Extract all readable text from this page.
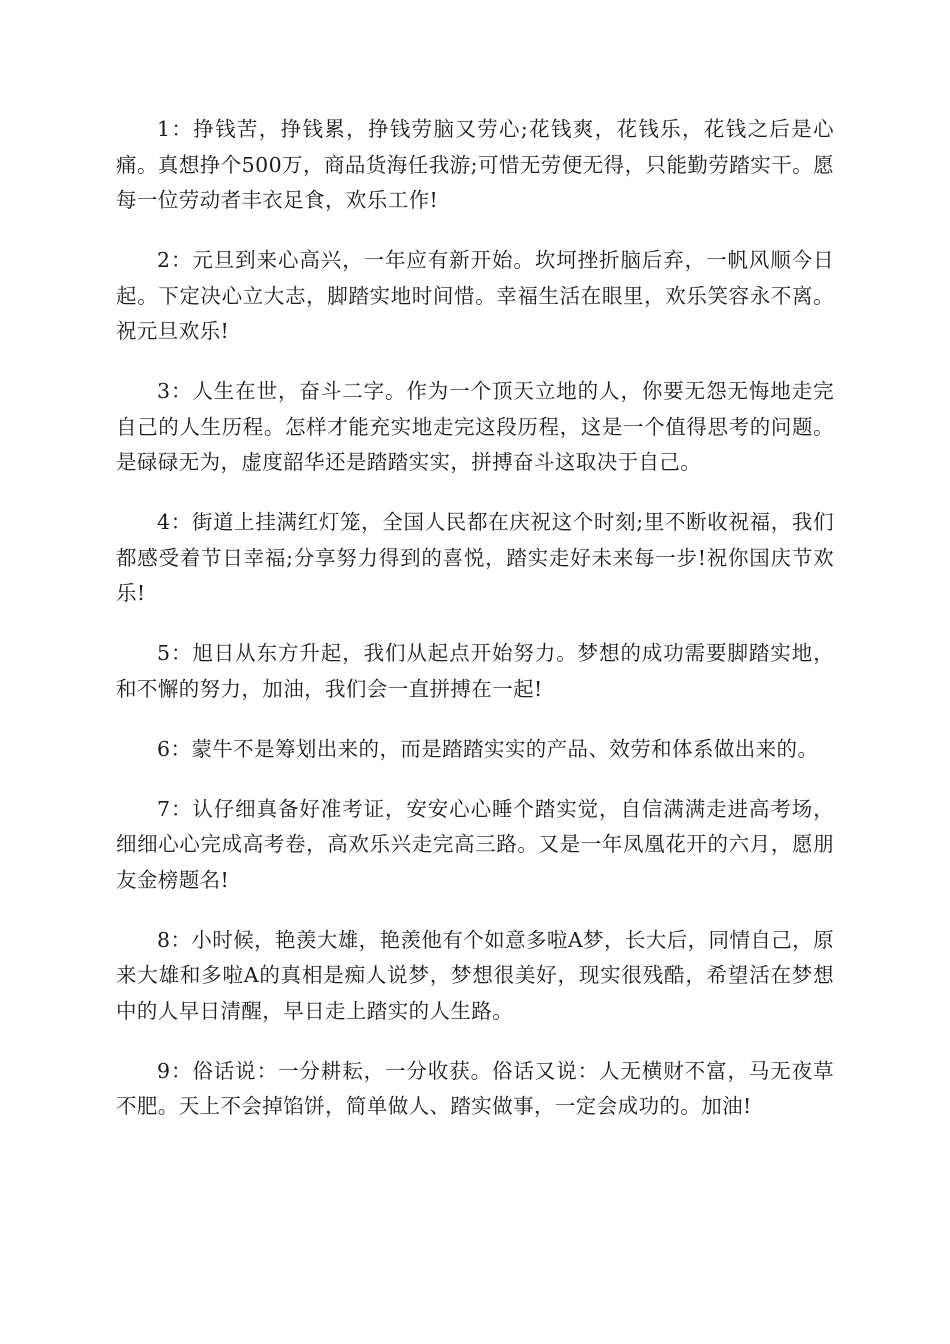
1：挣钱苦，挣钱累，挣钱劳脑又劳心;花钱爽，花钱乐，花钱之后是心痛。真想挣个500万，商品货海任我游;可惜无劳便无得，只能勤劳踏实干。愿每一位劳动者丰衣足食，欢乐工作!

2：元旦到来心高兴，一年应有新开始。坎坷挫折脑后弃，一帆风顺今日起。下定决心立大志，脚踏实地时间惜。幸福生活在眼里，欢乐笑容永不离。祝元旦欢乐!

3：人生在世，奋斗二字。作为一个顶天立地的人，你要无怨无悔地走完自己的人生历程。怎样才能充实地走完这段历程，这是一个值得思考的问题。是碌碌无为，虚度韶华还是踏踏实实，拼搏奋斗这取决于自己。

4：街道上挂满红灯笼，全国人民都在庆祝这个时刻;里不断收祝福，我们都感受着节日幸福;分享努力得到的喜悦，踏实走好未来每一步!祝你国庆节欢乐!

5：旭日从东方升起，我们从起点开始努力。梦想的成功需要脚踏实地，和不懈的努力，加油，我们会一直拼搏在一起!

6：蒙牛不是筹划出来的，而是踏踏实实的产品、效劳和体系做出来的。

7：认仔细真备好准考证，安安心心睡个踏实觉，自信满满走进高考场，细细心心完成高考卷，高欢乐兴走完高三路。又是一年凤凰花开的六月，愿朋友金榜题名!

8：小时候，艳羡大雄，艳羡他有个如意多啦A梦，长大后，同情自己，原来大雄和多啦A的真相是痴人说梦，梦想很美好，现实很残酷，希望活在梦想中的人早日清醒，早日走上踏实的人生路。

9：俗话说：一分耕耘，一分收获。俗话又说：人无横财不富，马无夜草不肥。天上不会掉馅饼，简单做人、踏实做事，一定会成功的。加油!
